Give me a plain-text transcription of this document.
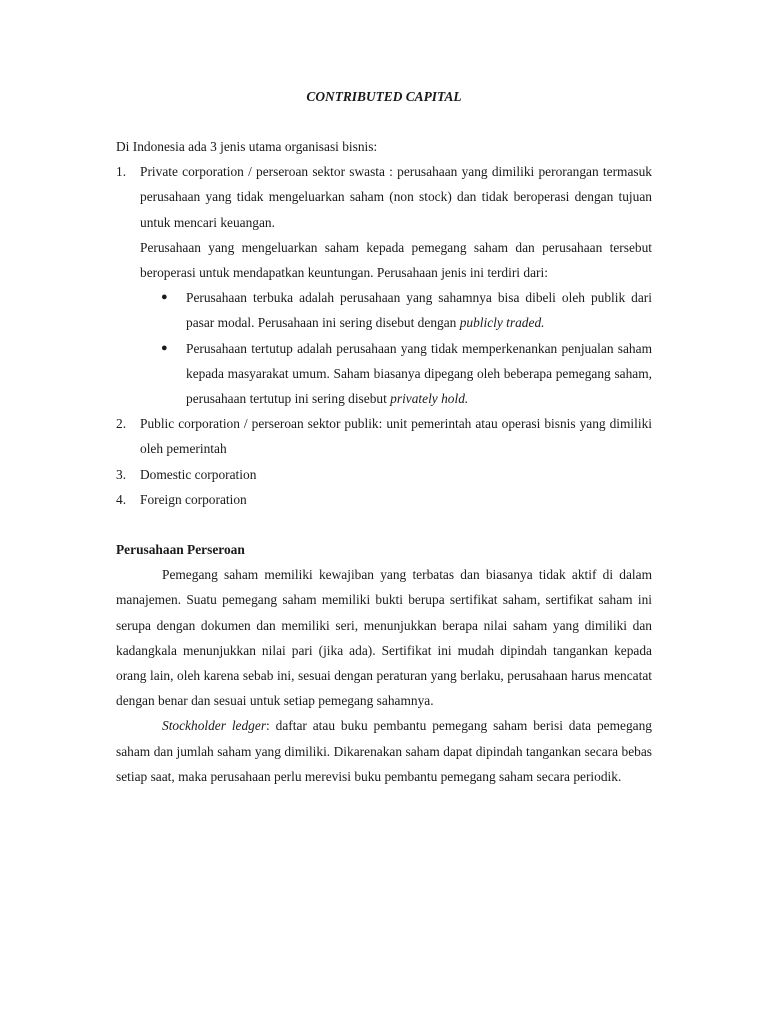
CONTRIBUTED CAPITAL

Di Indonesia ada 3 jenis utama organisasi bisnis:

1. Private corporation / perseroan sektor swasta : perusahaan yang dimiliki perorangan termasuk perusahaan yang tidak mengeluarkan saham (non stock) dan tidak beroperasi dengan tujuan untuk mencari keuangan.

Perusahaan yang mengeluarkan saham kepada pemegang saham dan perusahaan tersebut beroperasi untuk mendapatkan keuntungan. Perusahaan jenis ini terdiri dari:

● Perusahaan terbuka adalah perusahaan yang sahamnya bisa dibeli oleh publik dari pasar modal. Perusahaan ini sering disebut dengan publicly traded.

● Perusahaan tertutup adalah perusahaan yang tidak memperkenankan penjualan saham kepada masyarakat umum. Saham biasanya dipegang oleh beberapa pemegang saham, perusahaan tertutup ini sering disebut privately hold.

2. Public corporation / perseroan sektor publik: unit pemerintah atau operasi bisnis yang dimiliki oleh pemerintah

3. Domestic corporation

4. Foreign corporation

Perusahaan Perseroan

Pemegang saham memiliki kewajiban yang terbatas dan biasanya tidak aktif di dalam manajemen. Suatu pemegang saham memiliki bukti berupa sertifikat saham, sertifikat saham ini serupa dengan dokumen dan memiliki seri, menunjukkan berapa nilai saham yang dimiliki dan kadangkala menunjukkan nilai pari (jika ada). Sertifikat ini mudah dipindah tangankan kepada orang lain, oleh karena sebab ini, sesuai dengan peraturan yang berlaku, perusahaan harus mencatat dengan benar dan sesuai untuk setiap pemegang sahamnya.

Stockholder ledger: daftar atau buku pembantu pemegang saham berisi data pemegang saham dan jumlah saham yang dimiliki. Dikarenakan saham dapat dipindah tangankan secara bebas setiap saat, maka perusahaan perlu merevisi buku pembantu pemegang saham secara periodik.
